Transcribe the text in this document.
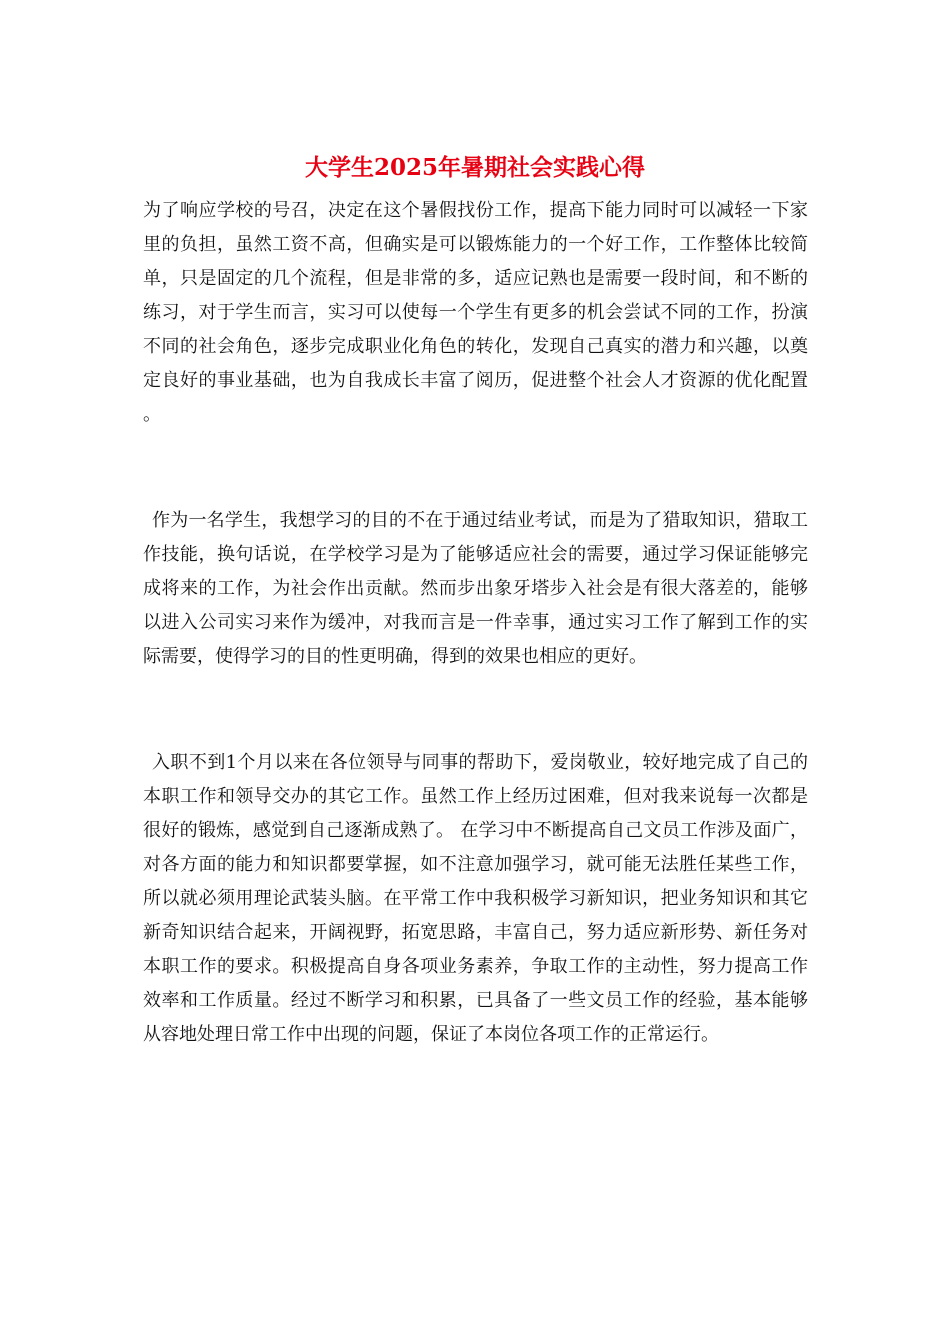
大学生2025年暑期社会实践心得

为了响应学校的号召，决定在这个暑假找份工作，提高下能力同时可以减轻一下家里的负担，虽然工资不高，但确实是可以锻炼能力的一个好工作，工作整体比较简单，只是固定的几个流程，但是非常的多，适应记熟也是需要一段时间，和不断的练习，对于学生而言，实习可以使每一个学生有更多的机会尝试不同的工作，扮演不同的社会角色，逐步完成职业化角色的转化，发现自己真实的潜力和兴趣，以奠定良好的事业基础，也为自我成长丰富了阅历，促进整个社会人才资源的优化配置 。

作为一名学生，我想学习的目的不在于通过结业考试，而是为了猎取知识，猎取工作技能，换句话说，在学校学习是为了能够适应社会的需要，通过学习保证能够完成将来的工作，为社会作出贡献。然而步出象牙塔步入社会是有很大落差的，能够以进入公司实习来作为缓冲，对我而言是一件幸事，通过实习工作了解到工作的实际需要，使得学习的目的性更明确，得到的效果也相应的更好。

入职不到1个月以来在各位领导与同事的帮助下，爱岗敬业，较好地完成了自己的本职工作和领导交办的其它工作。虽然工作上经历过困难，但对我来说每一次都是很好的锻炼，感觉到自己逐渐成熟了。 在学习中不断提高自己文员工作涉及面广，对各方面的能力和知识都要掌握，如不注意加强学习，就可能无法胜任某些工作，所以就必须用理论武装头脑。在平常工作中我积极学习新知识，把业务知识和其它新奇知识结合起来，开阔视野，拓宽思路，丰富自己，努力适应新形势、新任务对本职工作的要求。积极提高自身各项业务素养，争取工作的主动性，努力提高工作效率和工作质量。经过不断学习和积累，已具备了一些文员工作的经验，基本能够从容地处理日常工作中出现的问题，保证了本岗位各项工作的正常运行。
